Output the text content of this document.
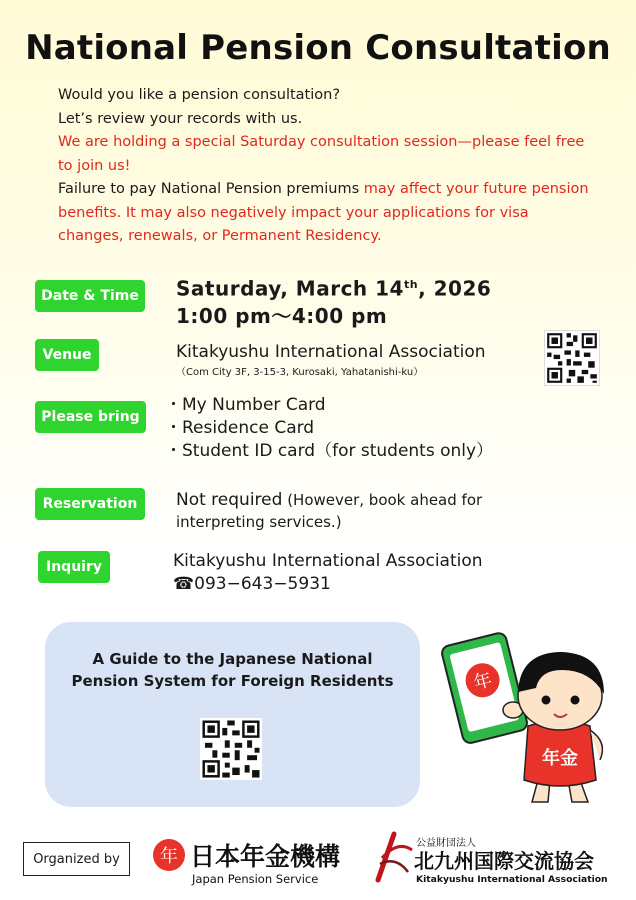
National Pension Consultation

Would you like a pension consultation?

Let’s review your records with us.

We are holding a special Saturday consultation session—please feel free to join us!

Failure to pay National Pension premiums may affect your future pension benefits. It may also negatively impact your applications for visa changes, renewals, or Permanent Residency.

Date & Time	Saturday, March 14th, 2026
1:00 pm〜4:00 pm
Venue	Kitakyushu International Association
（Com City 3F, 3-15-3, Kurosaki, Yahatanishi-ku）
Please bring
・My Number Card
・Residence Card
・Student ID card（for students only）
Reservation	Not required (However, book ahead for interpreting services.)
Inquiry	Kitakyushu International Association
☎093−643−5931
A Guide to the Japanese National
Pension System for Foreign Residents	年
年金
Organized by	年 日本年金機構
Japan Pension Service
公益財団法人
北九州国際交流協会
Kitakyushu International Association
